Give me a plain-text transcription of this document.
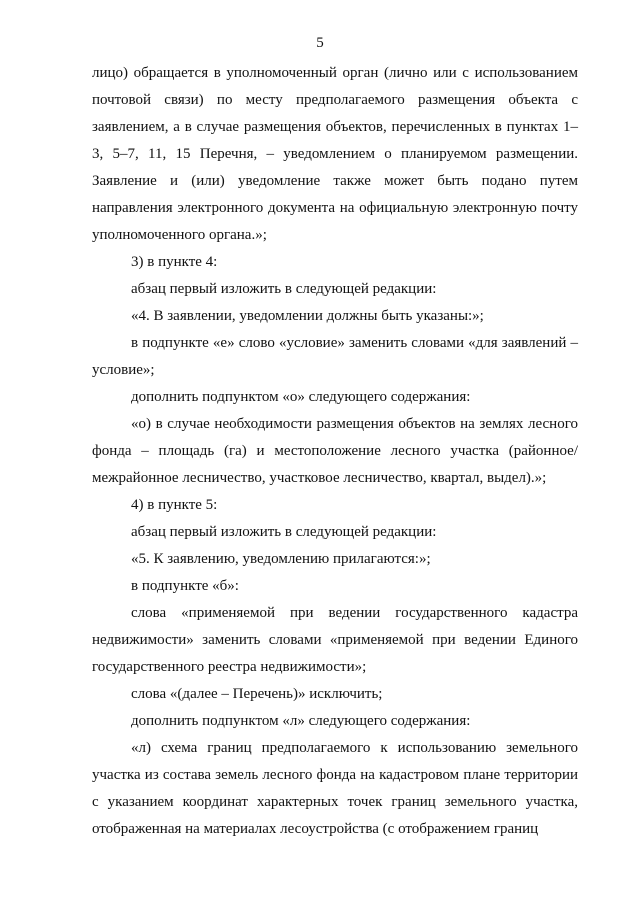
5

лицо) обращается в уполномоченный орган (лично или с использованием почтовой связи) по месту предполагаемого размещения объекта с заявлением, а в случае размещения объектов, перечисленных в пунктах 1–3, 5–7, 11, 15 Перечня, – уведомлением о планируемом размещении. Заявление и (или) уведомление также может быть подано путем направления электронного документа на официальную электронную почту уполномоченного органа.»;

3) в пункте 4:

абзац первый изложить в следующей редакции:

«4. В заявлении, уведомлении должны быть указаны:»;

в подпункте «е» слово «условие» заменить словами «для заявлений – условие»;

дополнить подпунктом «о» следующего содержания:

«о) в случае необходимости размещения объектов на землях лесного фонда – площадь (га) и местоположение лесного участка (районное/межрайонное лесничество, участковое лесничество, квартал, выдел).»;

4) в пункте 5:

абзац первый изложить в следующей редакции:

«5. К заявлению, уведомлению прилагаются:»;

в подпункте «б»:

слова «применяемой при ведении государственного кадастра недвижимости» заменить словами «применяемой при ведении Единого государственного реестра недвижимости»;

слова «(далее – Перечень)» исключить;

дополнить подпунктом «л» следующего содержания:

«л) схема границ предполагаемого к использованию земельного участка из состава земель лесного фонда на кадастровом плане территории с указанием координат характерных точек границ земельного участка, отображенная на материалах лесоустройства (с отображением границ
